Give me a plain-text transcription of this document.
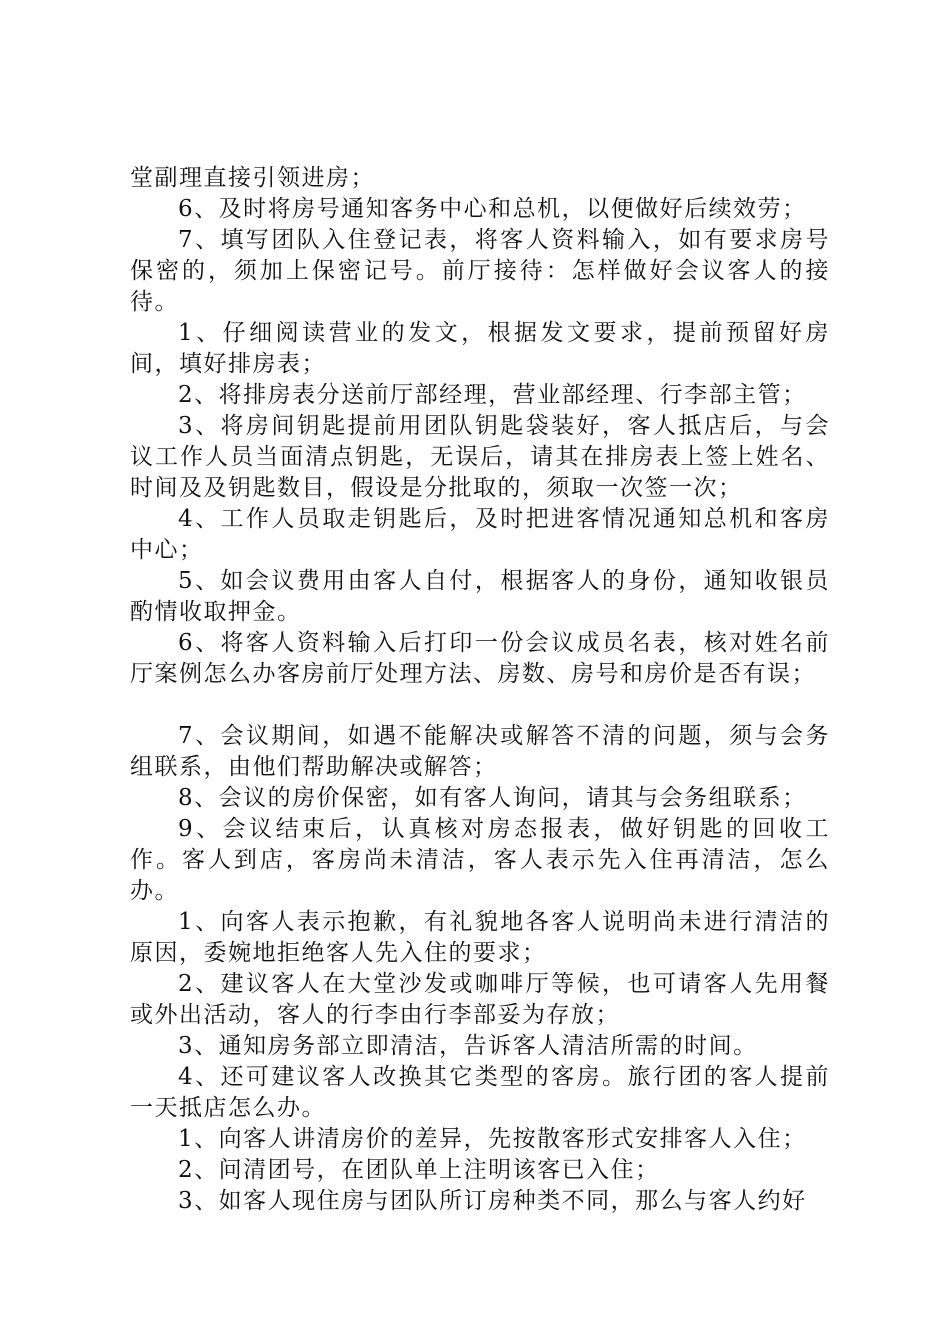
堂副理直接引领进房；

6、及时将房号通知客务中心和总机，以便做好后续效劳；

7、填写团队入住登记表，将客人资料输入，如有要求房号保密的，须加上保密记号。前厅接待：怎样做好会议客人的接待。

1、仔细阅读营业的发文，根据发文要求，提前预留好房间，填好排房表；

2、将排房表分送前厅部经理，营业部经理、行李部主管；

3、将房间钥匙提前用团队钥匙袋装好，客人抵店后，与会议工作人员当面清点钥匙，无误后，请其在排房表上签上姓名、时间及及钥匙数目，假设是分批取的，须取一次签一次；

4、工作人员取走钥匙后，及时把进客情况通知总机和客房中心；

5、如会议费用由客人自付，根据客人的身份，通知收银员酌情收取押金。

6、将客人资料输入后打印一份会议成员名表，核对姓名前厅案例怎么办客房前厅处理方法、房数、房号和房价是否有误；

7、会议期间，如遇不能解决或解答不清的问题，须与会务组联系，由他们帮助解决或解答；

8、会议的房价保密，如有客人询问，请其与会务组联系；

9、会议结束后，认真核对房态报表，做好钥匙的回收工作。客人到店，客房尚未清洁，客人表示先入住再清洁，怎么办。

1、向客人表示抱歉，有礼貌地各客人说明尚未进行清洁的原因，委婉地拒绝客人先入住的要求；

2、建议客人在大堂沙发或咖啡厅等候，也可请客人先用餐或外出活动，客人的行李由行李部妥为存放；

3、通知房务部立即清洁，告诉客人清洁所需的时间。

4、还可建议客人改换其它类型的客房。旅行团的客人提前一天抵店怎么办。

1、向客人讲清房价的差异，先按散客形式安排客人入住；

2、问清团号，在团队单上注明该客已入住；

3、如客人现住房与团队所订房种类不同，那么与客人约好
